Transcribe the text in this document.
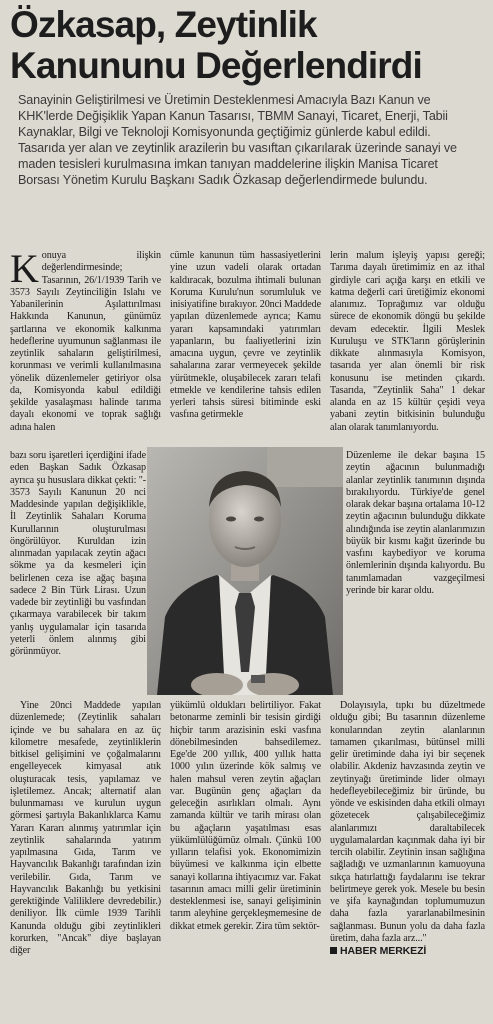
Özkasap, Zeytinlik
Kanununu Değerlendirdi

Sanayinin Geliştirilmesi ve Üretimin Desteklenmesi Amacıyla Bazı Kanun ve KHK'lerde Değişiklik Yapan Kanun Tasarısı, TBMM Sanayi, Ticaret, Enerji, Tabii Kaynaklar, Bilgi ve Teknoloji Komisyonunda geçtiğimiz günlerde kabul edildi. Tasarıda yer alan ve zeytinlik arazilerin bu vasıftan çıkarılarak üzerinde sanayi ve maden tesisleri kurulmasına imkan tanıyan maddelerine ilişkin Manisa Ticaret Borsası Yönetim Kurulu Başkanı Sadık Özkasap değerlendirmede bulundu.

Konuya ilişkin değerlendirmesinde; Tasarının, 26/1/1939 Tarih ve 3573 Sayılı Zeytinciliğin Islahı ve Yabanilerinin Aşılattırılması Hakkında Kanunun, günümüz şartlarına ve ekonomik kalkınma hedeflerine uyumunun sağlanması ile zeytinlik sahaların geliştirilmesi, korunması ve verimli kullanılmasına yönelik düzenlemeler getiriyor olsa da, Komisyonda kabul edildiği şekilde yasalaşması halinde tarıma dayalı ekonomi ve toprak sağlığı adına halen

bazı soru işaretleri içerdiğini ifade eden Başkan Sadık Özkasap ayrıca şu hususlara dikkat çekti: "- 3573 Sayılı Kanunun 20 nci Maddesinde yapılan değişiklikle, İl Zeytinlik Sahaları Koruma Kurullarının oluşturulması öngörülüyor. Kuruldan izin alınmadan yapılacak zeytin ağacı sökme ya da kesmeleri için belirlenen ceza ise ağaç başına sadece 2 Bin Türk Lirası. Uzun vadede bir zeytinliği bu vasfından çıkarmaya varabilecek bir takım yanlış uygulamalar için tasarıda yeterli önlem alınmış gibi görünmüyor.

Yine 20nci Maddede yapılan düzenlemede; (Zeytinlik sahaları içinde ve bu sahalara en az üç kilometre mesafede, zeytinliklerin bitkisel gelişimini ve çoğalmalarını engelleyecek kimyasal atık oluşturacak tesis, yapılamaz ve işletilemez. Ancak; alternatif alan bulunmaması ve kurulun uygun görmesi şartıyla Bakanlıklarca Kamu Yararı Kararı alınmış yatırımlar için zeytinlik sahalarında yatırım yapılmasına Gıda, Tarım ve Hayvancılık Bakanlığı tarafından izin verilebilir. Gıda, Tarım ve Hayvancılık Bakanlığı bu yetkisini gerektiğinde Valiliklere devredebilir.) deniliyor. İlk cümle 1939 Tarihli Kanunda olduğu gibi zeytinlikleri korurken, "Ancak" diye başlayan diğer

cümle kanunun tüm hassasiyetlerini yine uzun vadeli olarak ortadan kaldıracak, bozulma ihtimali bulunan Koruma Kurulu'nun sorumluluk ve inisiyatifine bırakıyor. 20nci Maddede yapılan düzenlemede ayrıca; Kamu yararı kapsamındaki yatırımları yapanların, bu faaliyetlerini izin amacına uygun, çevre ve zeytinlik sahalarına zarar vermeyecek şekilde yürütmekle, oluşabilecek zararı telafi etmekle ve kendilerine tahsis edilen yerleri tahsis süresi bitiminde eski vasfına getirmekle

yükümlü oldukları belirtiliyor. Fakat betonarme zeminli bir tesisin girdiği hiçbir tarım arazisinin eski vasfına dönebilmesinden bahsedilemez. Ege'de 200 yıllık, 400 yıllık hatta 1000 yılın üzerinde kök salmış ve halen mahsul veren zeytin ağaçları var. Bugünün genç ağaçları da geleceğin asırlıkları olmalı. Aynı zamanda kültür ve tarih mirası olan bu ağaçların yaşatılması esas yükümlülüğümüz olmalı. Çünkü 100 yılların telafisi yok. Ekonomimizin büyümesi ve kalkınma için elbette sanayi kollarına ihtiyacımız var. Fakat tasarının amacı milli gelir üretiminin desteklenmesi ise, sanayi gelişiminin tarım aleyhine gerçekleşmemesine de dikkat etmek gerekir. Zira tüm sektör-

lerin malum işleyiş yapısı gereği; Tarıma dayalı üretimimiz en az ithal girdiyle cari açığa karşı en etkili ve katma değerli cari üretiğimiz ekonomi alanımız. Toprağımız var olduğu sürece de ekonomik döngü bu şekilde devam edecektir. İlgili Meslek Kuruluşu ve STK'ların görüşlerinin dikkate alınmasıyla Komisyon, tasarıda yer alan önemli bir risk konusunu ise metinden çıkardı. Tasarıda, "Zeytinlik Saha" 1 dekar alanda en az 15 kültür çeşidi veya yabani zeytin bitkisinin bulunduğu alan olarak tanımlanıyordu.

Düzenleme ile dekar başına 15 zeytin ağacının bulunmadığı alanlar zeytinlik tanımının dışında bırakılıyordu. Türkiye'de genel olarak dekar başına ortalama 10-12 zeytin ağacının bulunduğu dikkate alındığında ise zeytin alanlarımızın büyük bir kısmı kağıt üzerinde bu vasfını kaybediyor ve koruma önlemlerinin dışında kalıyordu. Bu tanımlamadan vazgeçilmesi yerinde bir karar oldu.

Dolayısıyla, tıpkı bu düzeltmede olduğu gibi; Bu tasarının düzenleme konularından zeytin alanlarının tamamen çıkarılması, bütünsel milli gelir üretiminde daha iyi bir seçenek olabilir. Akdeniz havzasında zeytin ve zeytinyağı üretiminde lider olmayı hedefleyebileceğimiz bir üründe, bu yönde ve eskisinden daha etkili olmayı gözetecek çalışabileceğimiz alanlarımızı daraltabilecek uygulamalardan kaçınmak daha iyi bir tercih olabilir. Zeytinin insan sağlığına sağladığı ve uzmanlarının kamuoyuna sıkça hatırlattığı faydalarını ise tekrar belirtmeye gerek yok. Mesele bu besin ve şifa kaynağından toplumumuzun daha fazla yararlanabilmesinin sağlanması. Bunun yolu da daha fazla üretim, daha fazla arz..."

HABER MERKEZİ
